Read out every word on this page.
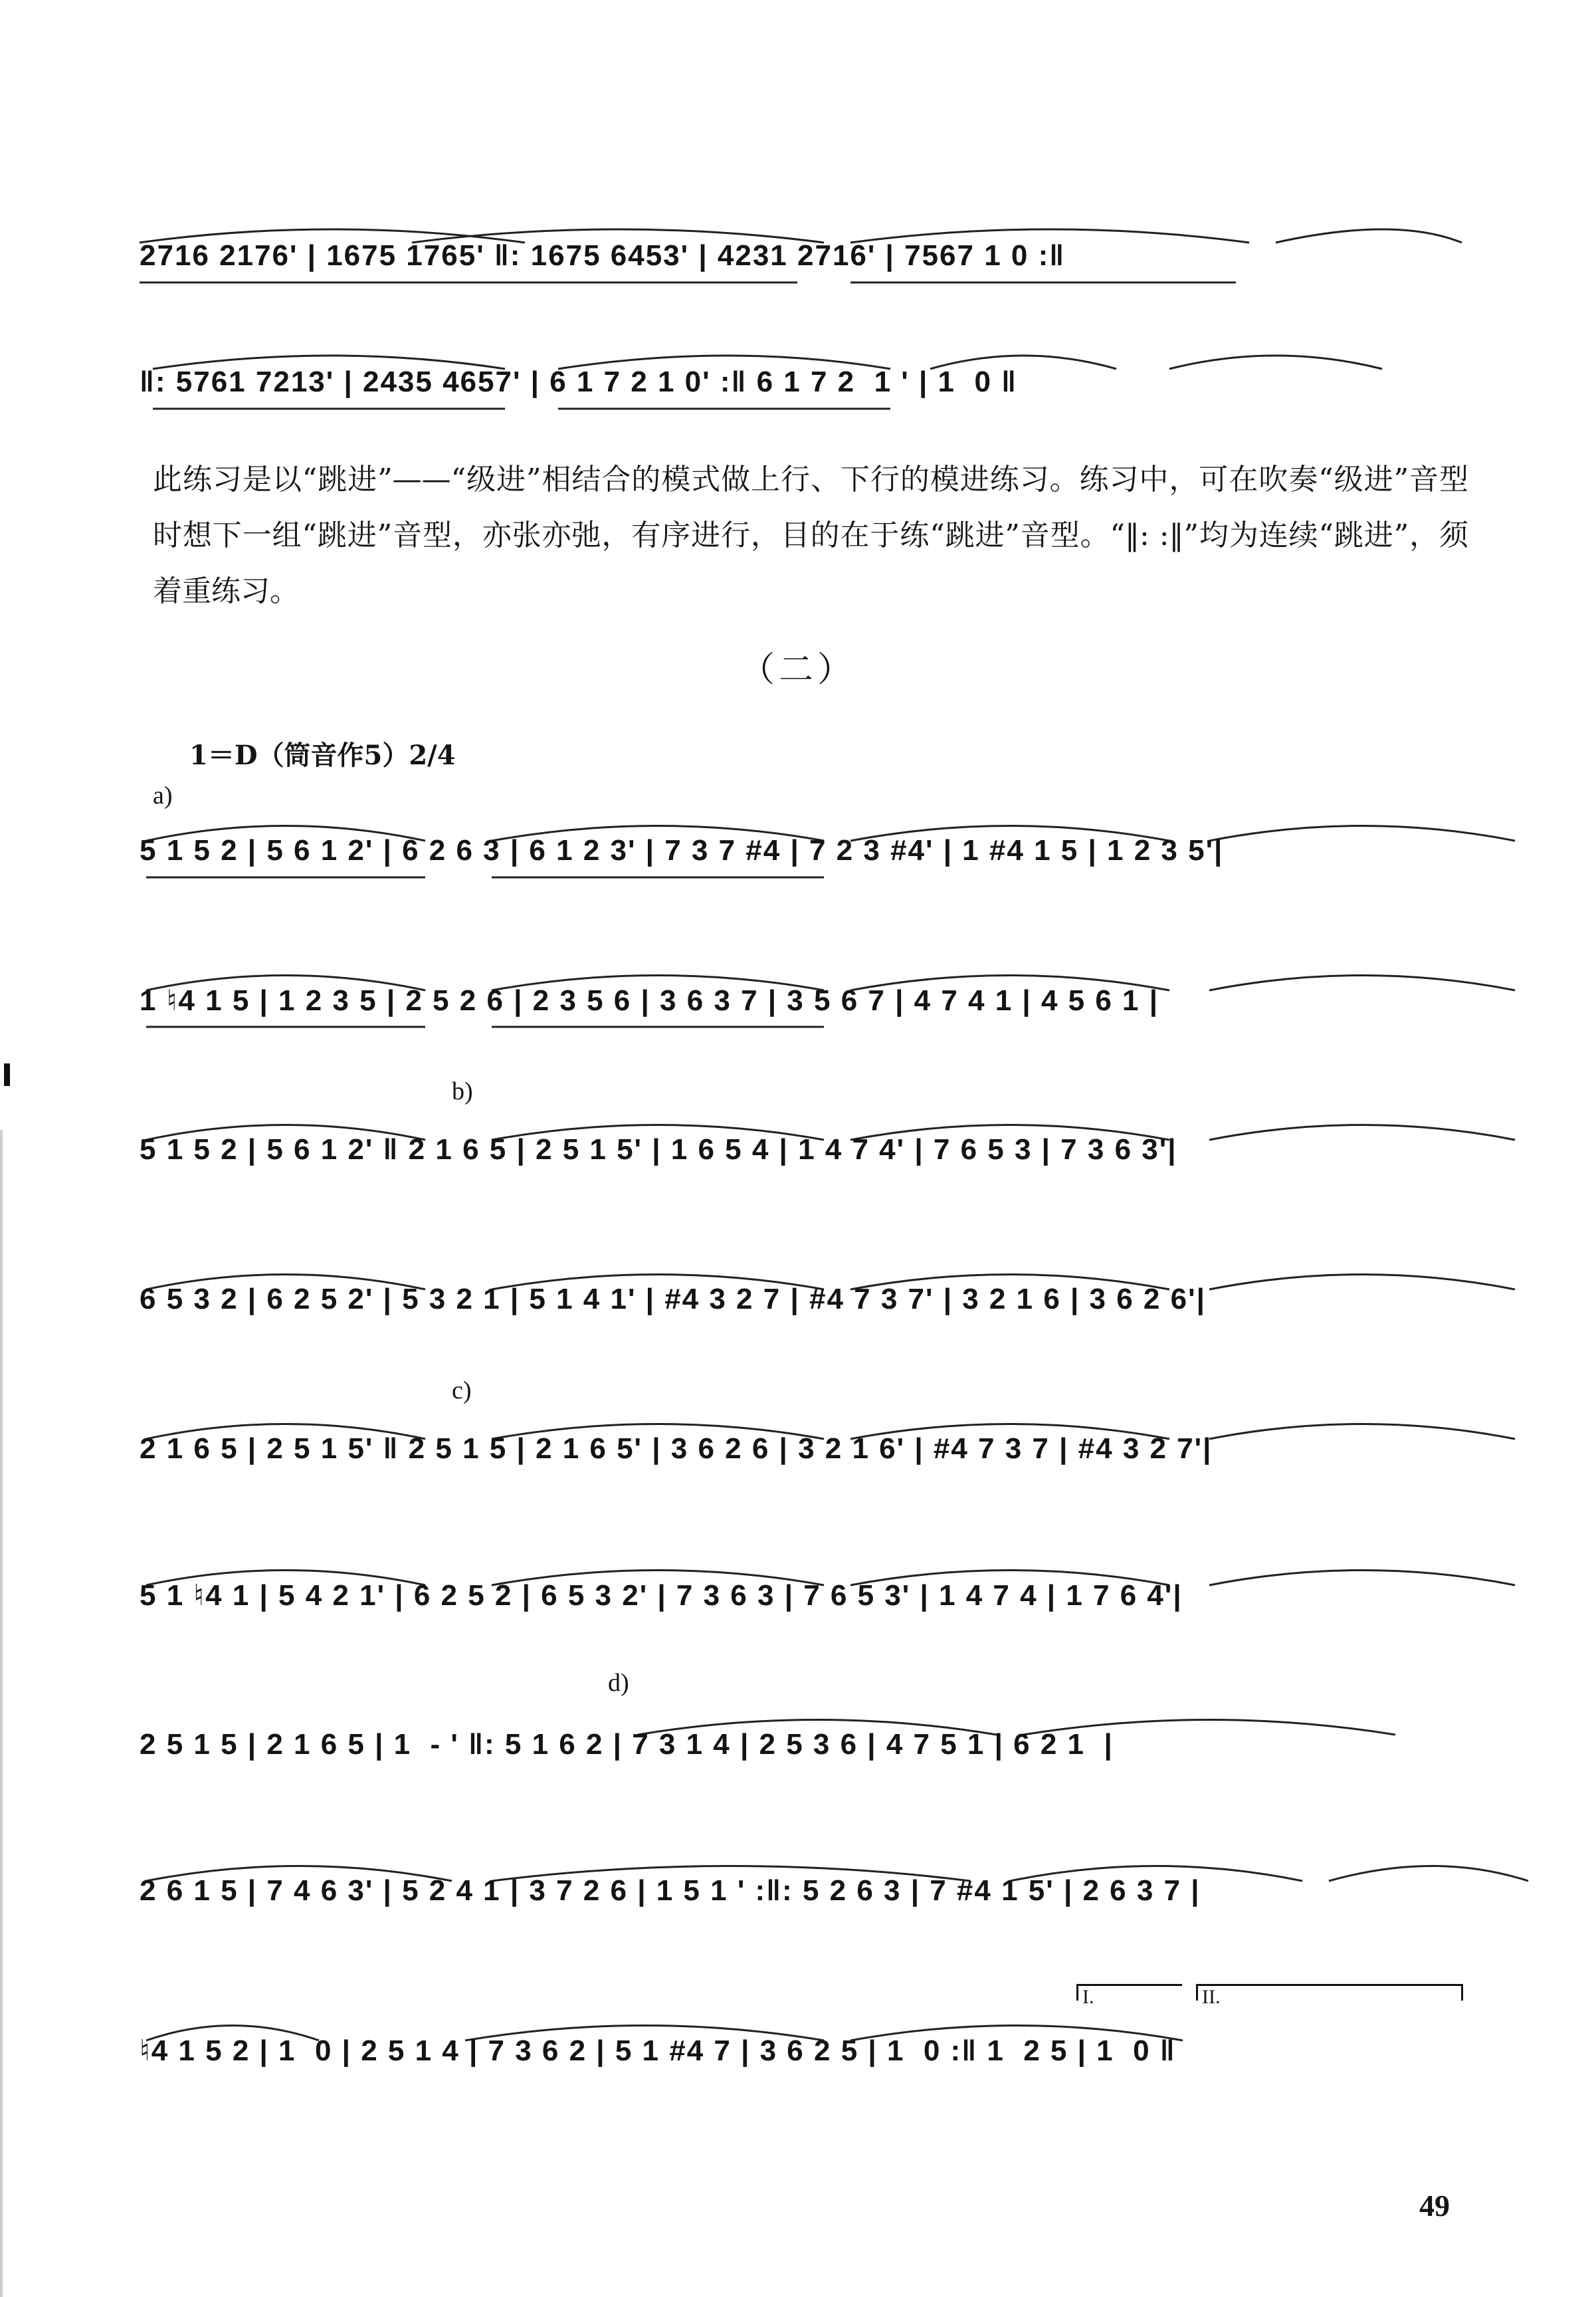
2716 2176' | 1675 1765' ‖: 1675 6453' | 4231 2716' | 7567 1 0 :‖
‖: 5761 7213' | 2435 4657' | 6 1 7 2 1 0' :‖ 6 1 7 2  1 ' | 1  0 ‖

此练习是以“跳进”——“级进”相结合的模式做上行、下行的模进练习。练习中，可在吹奏“级进”音型时想下一组“跳进”音型，亦张亦弛，有序进行，目的在于练“跳进”音型。“‖: :‖”均为连续“跳进”，须着重练习。

（二）
1＝D（筒音作5）2/4
a)
5 1 5 2 | 5 6 1 2' | 6 2 6 3 | 6 1 2 3' | 7 3 7 #4 | 7 2 3 #4' | 1 #4 1 5 | 1 2 3 5'|
1 ♮4 1 5 | 1 2 3 5 | 2 5 2 6 | 2 3 5 6 | 3 6 3 7 | 3 5 6 7 | 4 7 4 1 | 4 5 6 1 |
b)
5 1 5 2 | 5 6 1 2' ‖ 2 1 6 5 | 2 5 1 5' | 1 6 5 4 | 1 4 7 4' | 7 6 5 3 | 7 3 6 3'|
6 5 3 2 | 6 2 5 2' | 5 3 2 1 | 5 1 4 1' | #4 3 2 7 | #4 7 3 7' | 3 2 1 6 | 3 6 2 6'|
c)
2 1 6 5 | 2 5 1 5' ‖ 2 5 1 5 | 2 1 6 5' | 3 6 2 6 | 3 2 1 6' | #4 7 3 7 | #4 3 2 7'|
5 1 ♮4 1 | 5 4 2 1' | 6 2 5 2 | 6 5 3 2' | 7 3 6 3 | 7 6 5 3' | 1 4 7 4 | 1 7 6 4'|
d)
2 5 1 5 | 2 1 6 5 | 1  - ' ‖: 5 1 6 2 | 7 3 1 4 | 2 5 3 6 | 4 7 5 1 | 6 2 1  |
2 6 1 5 | 7 4 6 3' | 5 2 4 1 | 3 7 2 6 | 1 5 1 ' :‖: 5 2 6 3 | 7 #4 1 5' | 2 6 3 7 |
I.	II.
♮4 1 5 2 | 1  0 | 2 5 1 4 | 7 3 6 2 | 5 1 #4 7 | 3 6 2 5 | 1  0 :‖ 1  2 5 | 1  0 ‖
49
